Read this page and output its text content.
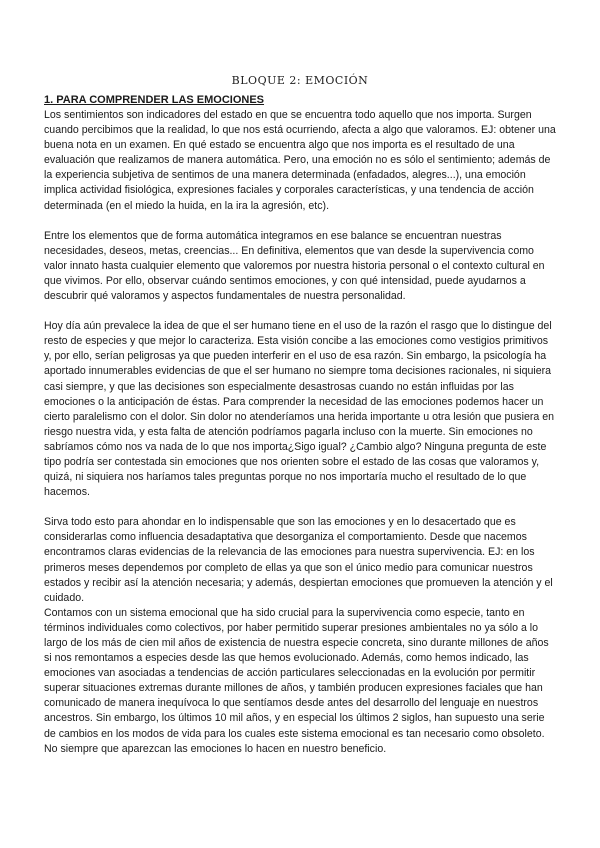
BLOQUE 2: EMOCIÓN

1. PARA COMPRENDER LAS EMOCIONES

Los sentimientos son indicadores del estado en que se encuentra todo aquello que nos importa. Surgen cuando percibimos que la realidad, lo que nos está ocurriendo, afecta a algo que valoramos. EJ: obtener una buena nota en un examen. En qué estado se encuentra algo que nos importa es el resultado de una evaluación que realizamos de manera automática. Pero, una emoción no es sólo el sentimiento; además de la experiencia subjetiva de sentimos de una manera determinada (enfadados, alegres...), una emoción implica actividad fisiológica, expresiones faciales y corporales características, y una tendencia de acción determinada (en el miedo la huida, en la ira la agresión, etc).

Entre los elementos que de forma automática integramos en ese balance se encuentran nuestras necesidades, deseos, metas, creencias... En definitiva, elementos que van desde la supervivencia como valor innato hasta cualquier elemento que valoremos por nuestra historia personal o el contexto cultural en que vivimos. Por ello, observar cuándo sentimos emociones, y con qué intensidad, puede ayudarnos a descubrir qué valoramos y aspectos fundamentales de nuestra personalidad.

Hoy día aún prevalece la idea de que el ser humano tiene en el uso de la razón el rasgo que lo distingue del resto de especies y que mejor lo caracteriza. Esta visión concibe a las emociones como vestigios primitivos y, por ello, serían peligrosas ya que pueden interferir en el uso de esa razón. Sin embargo, la psicología ha aportado innumerables evidencias de que el ser humano no siempre toma decisiones racionales, ni siquiera casi siempre, y que las decisiones son especialmente desastrosas cuando no están influidas por las emociones o la anticipación de éstas. Para comprender la necesidad de las emociones podemos hacer un cierto paralelismo con el dolor. Sin dolor no atenderíamos una herida importante u otra lesión que pusiera en riesgo nuestra vida, y esta falta de atención podríamos pagarla incluso con la muerte. Sin emociones no sabríamos cómo nos va nada de lo que nos importa¿Sigo igual? ¿Cambio algo? Ninguna pregunta de este tipo podría ser contestada sin emociones que nos orienten sobre el estado de las cosas que valoramos y, quizá, ni siquiera nos haríamos tales preguntas porque no nos importaría mucho el resultado de lo que hacemos.

Sirva todo esto para ahondar en lo indispensable que son las emociones y en lo desacertado que es considerarlas como influencia desadaptativa que desorganiza el comportamiento. Desde que nacemos encontramos claras evidencias de la relevancia de las emociones para nuestra supervivencia. EJ: en los primeros meses dependemos por completo de ellas ya que son el único medio para comunicar nuestros estados y recibir así la atención necesaria; y además, despiertan emociones que promueven la atención y el cuidado.

Contamos con un sistema emocional que ha sido crucial para la supervivencia como especie, tanto en términos individuales como colectivos, por haber permitido superar presiones ambientales no ya sólo a lo largo de los más de cien mil años de existencia de nuestra especie concreta, sino durante millones de años si nos remontamos a especies desde las que hemos evolucionado. Además, como hemos indicado, las emociones van asociadas a tendencias de acción particulares seleccionadas en la evolución por permitir superar situaciones extremas durante millones de años, y también producen expresiones faciales que han comunicado de manera inequívoca lo que sentíamos desde antes del desarrollo del lenguaje en nuestros ancestros. Sin embargo, los últimos 10 mil años, y en especial los últimos 2 siglos, han supuesto una serie de cambios en los modos de vida para los cuales este sistema emocional es tan necesario como obsoleto. No siempre que aparezcan las emociones lo hacen en nuestro beneficio.
